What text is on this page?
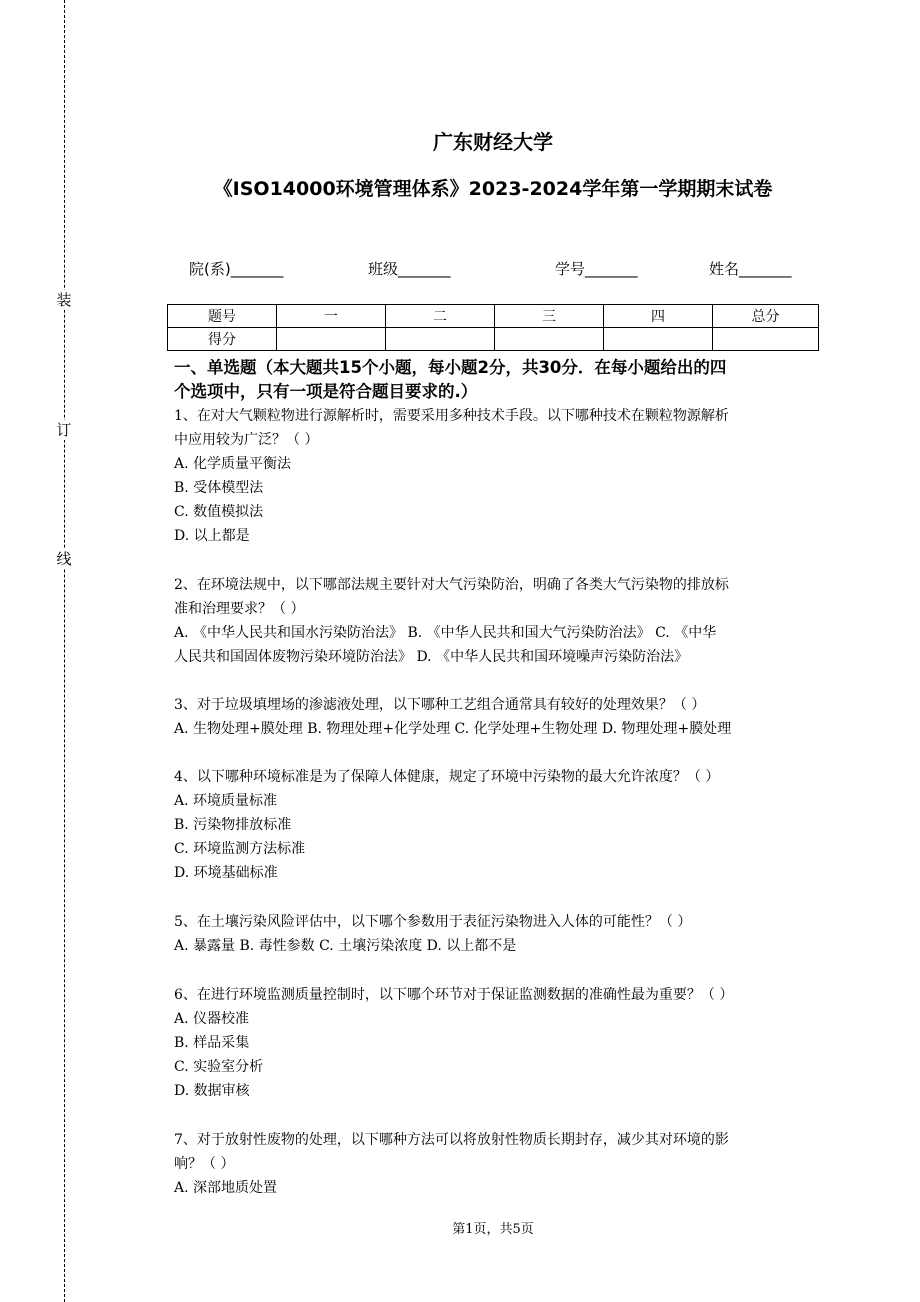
装
订
线
广东财经大学
《ISO14000环境管理体系》2023-2024学年第一学期期末试卷
院(系)_______	班级_______	学号_______	姓名_______
题号	一	二	三	四	总分
得分					
一、单选题（本大题共15个小题，每小题2分，共30分．在每小题给出的四
个选项中，只有一项是符合题目要求的.）
1、在对大气颗粒物进行源解析时，需要采用多种技术手段。以下哪种技术在颗粒物源解析
中应用较为广泛？（ ）
A. 化学质量平衡法
B. 受体模型法
C. 数值模拟法
D. 以上都是
2、在环境法规中，以下哪部法规主要针对大气污染防治，明确了各类大气污染物的排放标
准和治理要求？（ ）
A. 《中华人民共和国水污染防治法》 B. 《中华人民共和国大气污染防治法》 C. 《中华
人民共和国固体废物污染环境防治法》 D. 《中华人民共和国环境噪声污染防治法》
3、对于垃圾填埋场的渗滤液处理，以下哪种工艺组合通常具有较好的处理效果？（ ）
A. 生物处理+膜处理 B. 物理处理+化学处理 C. 化学处理+生物处理 D. 物理处理+膜处理
4、以下哪种环境标准是为了保障人体健康，规定了环境中污染物的最大允许浓度？（ ）
A. 环境质量标准
B. 污染物排放标准
C. 环境监测方法标准
D. 环境基础标准
5、在土壤污染风险评估中，以下哪个参数用于表征污染物进入人体的可能性？（ ）
A. 暴露量 B. 毒性参数 C. 土壤污染浓度 D. 以上都不是
6、在进行环境监测质量控制时，以下哪个环节对于保证监测数据的准确性最为重要？（ ）
A. 仪器校准
B. 样品采集
C. 实验室分析
D. 数据审核
7、对于放射性废物的处理，以下哪种方法可以将放射性物质长期封存，减少其对环境的影
响？（ ）
A. 深部地质处置
第1页，共5页
